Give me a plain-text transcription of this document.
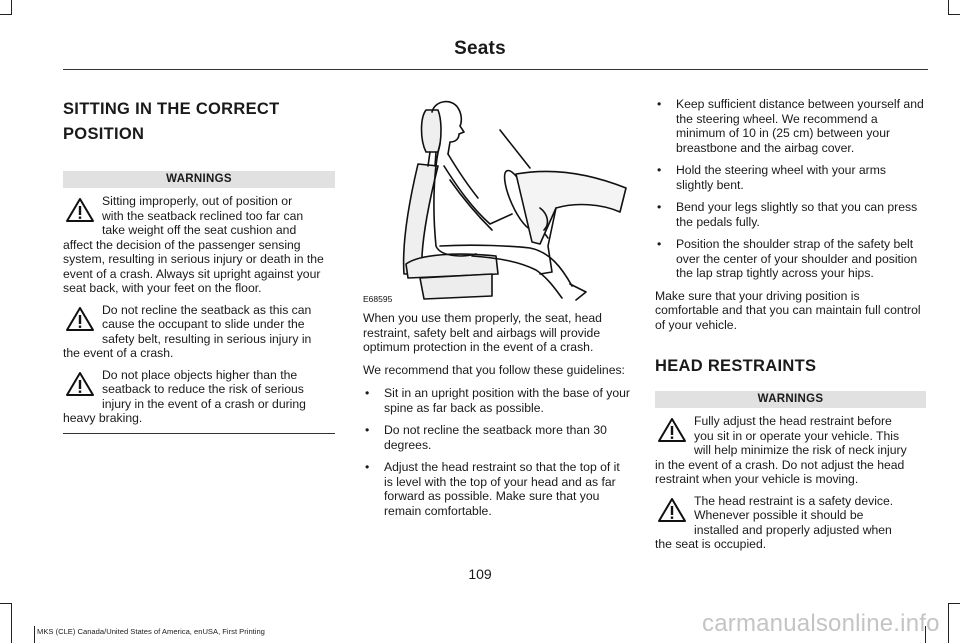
Seats

SITTING IN THE CORRECT

POSITION

WARNINGS

Sitting improperly, out of position or

with the seatback reclined too far can

take weight off the seat cushion and

affect the decision of the passenger sensing system, resulting in serious injury or death in the event of a crash. Always sit upright against your seat back, with your feet on the floor.

Do not recline the seatback as this can

cause the occupant to slide under the

safety belt, resulting in serious injury in

the event of a crash.

Do not place objects higher than the

seatback to reduce the risk of serious

injury in the event of a crash or during

heavy braking.

E68595

When you use them properly, the seat, head restraint, safety belt and airbags will provide optimum protection in the event of a crash.

We recommend that you follow these guidelines:

• Sit in an upright position with the base of your spine as far back as possible.
• Do not recline the seatback more than 30 degrees.
• Adjust the head restraint so that the top of it is level with the top of your head and as far forward as possible. Make sure that you remain comfortable.
• Keep sufficient distance between yourself and the steering wheel. We recommend a minimum of 10 in (25 cm) between your breastbone and the airbag cover.
• Hold the steering wheel with your arms slightly bent.
• Bend your legs slightly so that you can press the pedals fully.
• Position the shoulder strap of the safety belt over the center of your shoulder and position the lap strap tightly across your hips.

Make sure that your driving position is comfortable and that you can maintain full control of your vehicle.

HEAD RESTRAINTS

WARNINGS

Fully adjust the head restraint before

you sit in or operate your vehicle. This

will help minimize the risk of neck injury

in the event of a crash. Do not adjust the head restraint when your vehicle is moving.

The head restraint is a safety device.

Whenever possible it should be

installed and properly adjusted when

the seat is occupied.

109
carmanualsonline.info
MKS (CLE) Canada/United States of America, enUSA, First Printing
